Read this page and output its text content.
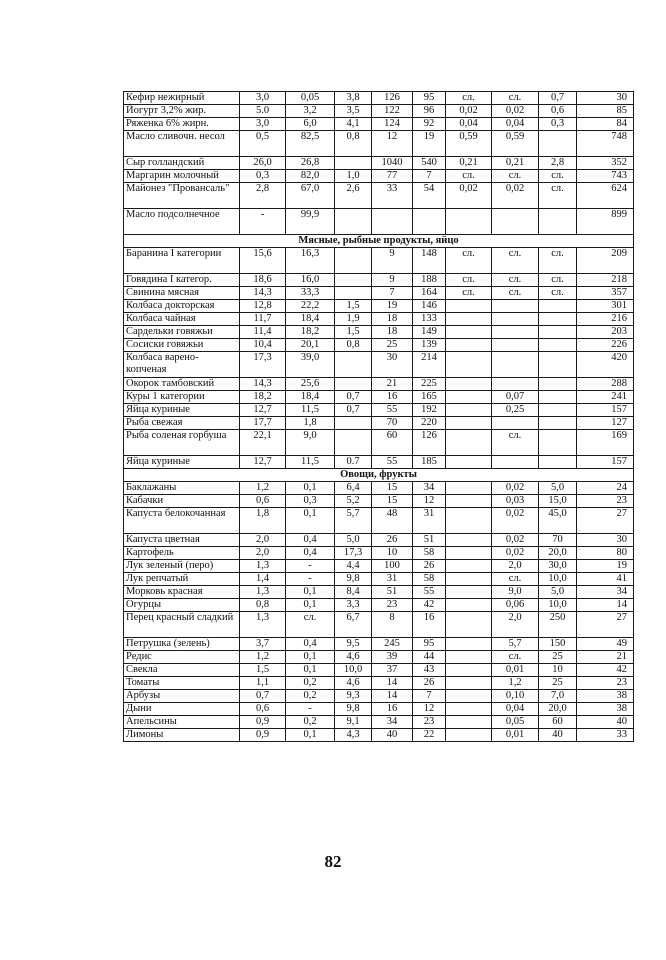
Кефир нежирный	3,0	0,05	3,8	126	95	сл.	сл.	0,7	30
Йогурт 3,2% жир.	5.0	3,2	3,5	122	96	0,02	0,02	0,6	85
Ряженка 6% жирн.	3,0	6,0	4,1	124	92	0,04	0,04	0,3	84
Масло сливочн. несол	0,5	82,5	0,8	12	19	0,59	0,59		748
Сыр голландский	26,0	26,8		1040	540	0,21	0,21	2,8	352
Маргарин молочный	0,3	82,0	1,0	77	7	сл.	сл.	сл.	743
Майонез "Провансаль"	2,8	67,0	2,6	33	54	0,02	0,02	сл.	624
Масло подсолнечное	-	99,9							899
Мясные, рыбные продукты, яйцо									
Баранина I категории	15,6	16,3		9	148	сл.	сл.	сл.	209
Говядина I категор.	18,6	16,0		9	188	сл.	сл.	сл.	218
Свинина мясная	14,3	33,3		7	164	сл.	сл.	сл.	357
Колбаса докторская	12,8	22,2	1,5	19	146				301
Колбаса чайная	11,7	18,4	1,9	18	133				216
Сардельки говяжьи	11,4	18,2	1,5	18	149				203
Сосиски говяжьи	10,4	20,1	0,8	25	139				226
Колбаса варено-копченая	17,3	39,0		30	214				420
Окорок тамбовский	14,3	25,6		21	225				288
Куры 1 категории	18,2	18,4	0,7	16	165		0,07		241
Яйца куриные	12,7	11,5	0,7	55	192		0,25		157
Рыба свежая	17,7	1,8		70	220				127
Рыба соленая горбуша	22,1	9,0		60	126		сл.		169
Яйца куриные	12,7	11,5	0.7	55	185				157
Овощи, фрукты									
Баклажаны	1,2	0,1	6,4	15	34		0,02	5,0	24
Кабачки	0,6	0,3	5,2	15	12		0,03	15,0	23
Капуста белокочанная	1,8	0,1	5,7	48	31		0,02	45,0	27
Капуста цветная	2,0	0,4	5,0	26	51		0,02	70	30
Картофель	2,0	0,4	17,3	10	58		0,02	20,0	80
Лук зеленый (перо)	1,3	-	4,4	100	26		2,0	30,0	19
Лук репчатый	1,4	-	9,8	31	58		сл.	10,0	41
Морковь красная	1,3	0,1	8,4	51	55		9,0	5,0	34
Огурцы	0,8	0,1	3,3	23	42		0,06	10,0	14
Перец красный сладкий	1,3	сл.	6,7	8	16		2,0	250	27
Петрушка (зелень)	3,7	0,4	9,5	245	95		5,7	150	49
Редис	1,2	0,1	4,6	39	44		сл.	25	21
Свекла	1,5	0,1	10,0	37	43		0,01	10	42
Томаты	1,1	0,2	4,6	14	26		1,2	25	23
Арбузы	0,7	0,2	9,3	14	7		0,10	7,0	38
Дыни	0,6	-	9,8	16	12		0,04	20,0	38
Апельсины	0,9	0,2	9,1	34	23		0,05	60	40
Лимоны	0,9	0,1	4,3	40	22		0,01	40	33
82
